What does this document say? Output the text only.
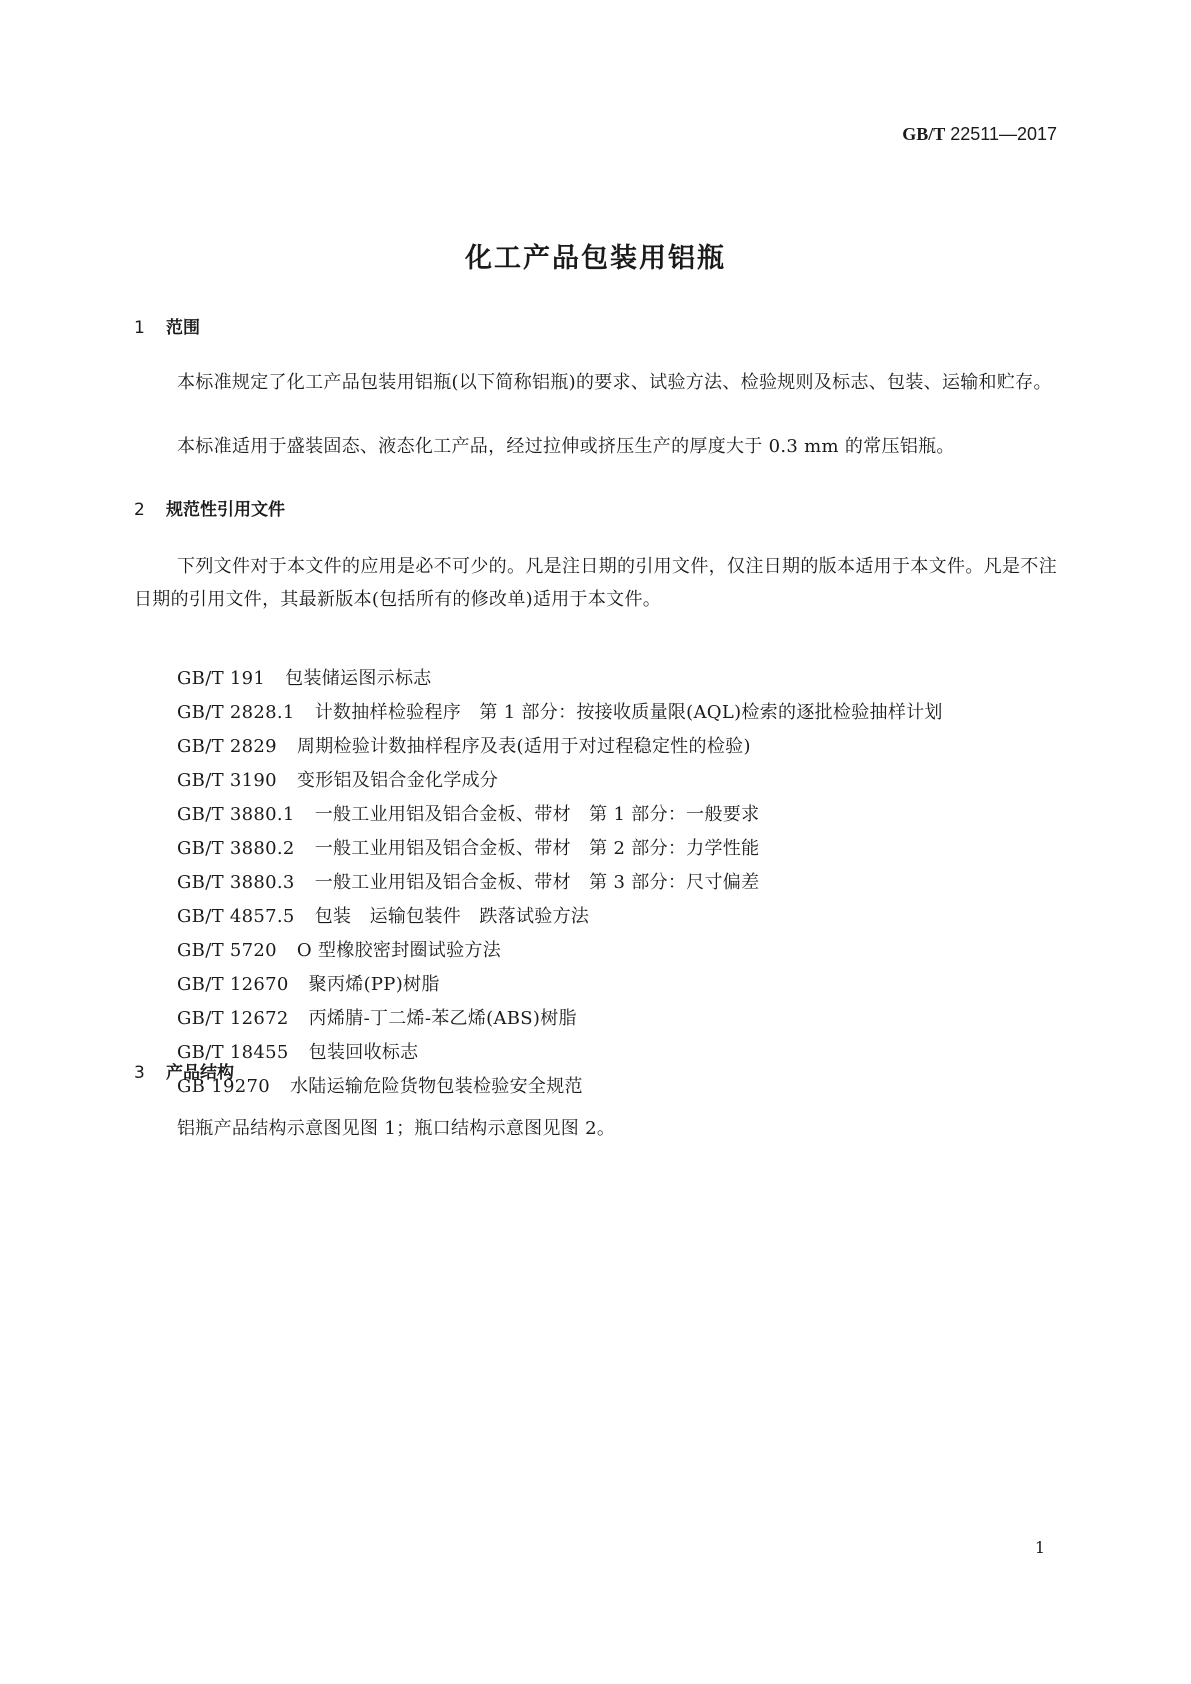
GB/T 22511—2017
化工产品包装用铝瓶
1 范围
本标准规定了化工产品包装用铝瓶(以下简称铝瓶)的要求、试验方法、检验规则及标志、包装、运输和贮存。
本标准适用于盛装固态、液态化工产品，经过拉伸或挤压生产的厚度大于 0.3 mm 的常压铝瓶。
2 规范性引用文件
下列文件对于本文件的应用是必不可少的。凡是注日期的引用文件，仅注日期的版本适用于本文件。凡是不注日期的引用文件，其最新版本(包括所有的修改单)适用于本文件。
GB/T 191 包装储运图示标志
GB/T 2828.1 计数抽样检验程序　第 1 部分：按接收质量限(AQL)检索的逐批检验抽样计划
GB/T 2829 周期检验计数抽样程序及表(适用于对过程稳定性的检验)
GB/T 3190 变形铝及铝合金化学成分
GB/T 3880.1 一般工业用铝及铝合金板、带材　第 1 部分：一般要求
GB/T 3880.2 一般工业用铝及铝合金板、带材　第 2 部分：力学性能
GB/T 3880.3 一般工业用铝及铝合金板、带材　第 3 部分：尺寸偏差
GB/T 4857.5 包装　运输包装件　跌落试验方法
GB/T 5720 O 型橡胶密封圈试验方法
GB/T 12670 聚丙烯(PP)树脂
GB/T 12672 丙烯腈-丁二烯-苯乙烯(ABS)树脂
GB/T 18455 包装回收标志
GB 19270 水陆运输危险货物包装检验安全规范
3 产品结构
铝瓶产品结构示意图见图 1；瓶口结构示意图见图 2。
1
